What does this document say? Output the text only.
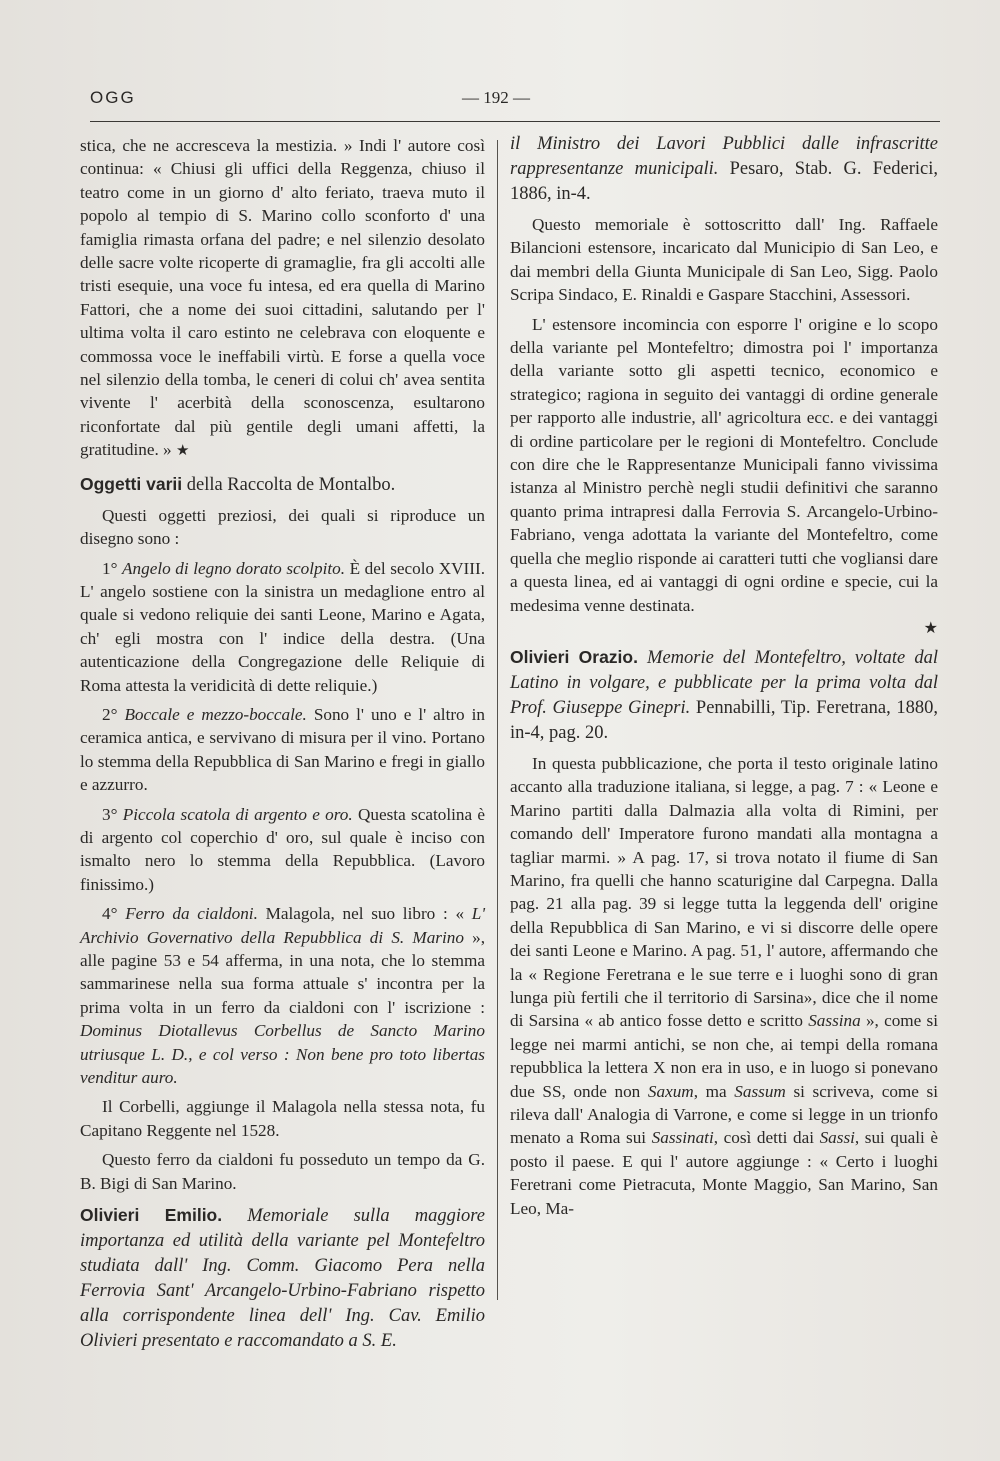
OGG	— 192 —

stica, che ne accresceva la mestizia. » Indi l' autore così continua: « Chiusi gli uffici della Reggenza, chiuso il teatro come in un giorno d' alto feriato, traeva muto il popolo al tempio di S. Marino collo sconforto d' una famiglia rimasta orfana del padre; e nel silenzio desolato delle sacre volte ricoperte di gramaglie, fra gli accolti alle tristi esequie, una voce fu intesa, ed era quella di Marino Fattori, che a nome dei suoi cittadini, salutando per l' ultima volta il caro estinto ne celebrava con eloquente e commossa voce le ineffabili virtù. E forse a quella voce nel silenzio della tomba, le ceneri di colui ch' avea sentita vivente l' acerbità della sconoscenza, esultarono riconfortate dal più gentile degli umani affetti, la gratitudine. » ★

Oggetti varii della Raccolta de Montalbo.

Questi oggetti preziosi, dei quali si riproduce un disegno sono :

1° Angelo di legno dorato scolpito. È del secolo XVIII. L' angelo sostiene con la sinistra un medaglione entro al quale si vedono reliquie dei santi Leone, Marino e Agata, ch' egli mostra con l' indice della destra. (Una autenticazione della Congregazione delle Reliquie di Roma attesta la veridicità di dette reliquie.)

2° Boccale e mezzo-boccale. Sono l' uno e l' altro in ceramica antica, e servivano di misura per il vino. Portano lo stemma della Repubblica di San Marino e fregi in giallo e azzurro.

3° Piccola scatola di argento e oro. Questa scatolina è di argento col coperchio d' oro, sul quale è inciso con ismalto nero lo stemma della Repubblica. (Lavoro finissimo.)

4° Ferro da cialdoni. Malagola, nel suo libro : « L' Archivio Governativo della Repubblica di S. Marino », alle pagine 53 e 54 afferma, in una nota, che lo stemma sammarinese nella sua forma attuale s' incontra per la prima volta in un ferro da cialdoni con l' iscrizione : Dominus Diotallevus Corbellus de Sancto Marino utriusque L. D., e col verso : Non bene pro toto libertas venditur auro.

Il Corbelli, aggiunge il Malagola nella stessa nota, fu Capitano Reggente nel 1528.

Questo ferro da cialdoni fu posseduto un tempo da G. B. Bigi di San Marino.

Olivieri Emilio. Memoriale sulla maggiore importanza ed utilità della variante pel Montefeltro studiata dall' Ing. Comm. Giacomo Pera nella Ferrovia Sant' Arcangelo-Urbino-Fabriano rispetto alla corrispondente linea dell' Ing. Cav. Emilio Olivieri presentato e raccomandato a S. E.

il Ministro dei Lavori Pubblici dalle infrascritte rappresentanze municipali. Pesaro, Stab. G. Federici, 1886, in-4.

Questo memoriale è sottoscritto dall' Ing. Raffaele Bilancioni estensore, incaricato dal Municipio di San Leo, e dai membri della Giunta Municipale di San Leo, Sigg. Paolo Scripa Sindaco, E. Rinaldi e Gaspare Stacchini, Assessori.

L' estensore incomincia con esporre l' origine e lo scopo della variante pel Montefeltro; dimostra poi l' importanza della variante sotto gli aspetti tecnico, economico e strategico; ragiona in seguito dei vantaggi di ordine generale per rapporto alle industrie, all' agricoltura ecc. e dei vantaggi di ordine particolare per le regioni di Montefeltro. Conclude con dire che le Rappresentanze Municipali fanno vivissima istanza al Ministro perchè negli studii definitivi che saranno quanto prima intrapresi dalla Ferrovia S. Arcangelo-Urbino-Fabriano, venga adottata la variante del Montefeltro, come quella che meglio risponde ai caratteri tutti che vogliansi dare a questa linea, ed ai vantaggi di ogni ordine e specie, cui la medesima venne destinata.

★

Olivieri Orazio. Memorie del Montefeltro, voltate dal Latino in volgare, e pubblicate per la prima volta dal Prof. Giuseppe Ginepri. Pennabilli, Tip. Feretrana, 1880, in-4, pag. 20.

In questa pubblicazione, che porta il testo originale latino accanto alla traduzione italiana, si legge, a pag. 7 : « Leone e Marino partiti dalla Dalmazia alla volta di Rimini, per comando dell' Imperatore furono mandati alla montagna a tagliar marmi. » A pag. 17, si trova notato il fiume di San Marino, fra quelli che hanno scaturigine dal Carpegna. Dalla pag. 21 alla pag. 39 si legge tutta la leggenda dell' origine della Repubblica di San Marino, e vi si discorre delle opere dei santi Leone e Marino. A pag. 51, l' autore, affermando che la « Regione Feretrana e le sue terre e i luoghi sono di gran lunga più fertili che il territorio di Sarsina», dice che il nome di Sarsina « ab antico fosse detto e scritto Sassina », come si legge nei marmi antichi, se non che, ai tempi della romana repubblica la lettera X non era in uso, e in luogo si ponevano due SS, onde non Saxum, ma Sassum si scriveva, come si rileva dall' Analogia di Varrone, e come si legge in un trionfo menato a Roma sui Sassinati, così detti dai Sassi, sui quali è posto il paese. E qui l' autore aggiunge : « Certo i luoghi Feretrani come Pietracuta, Monte Maggio, San Marino, San Leo, Ma-
